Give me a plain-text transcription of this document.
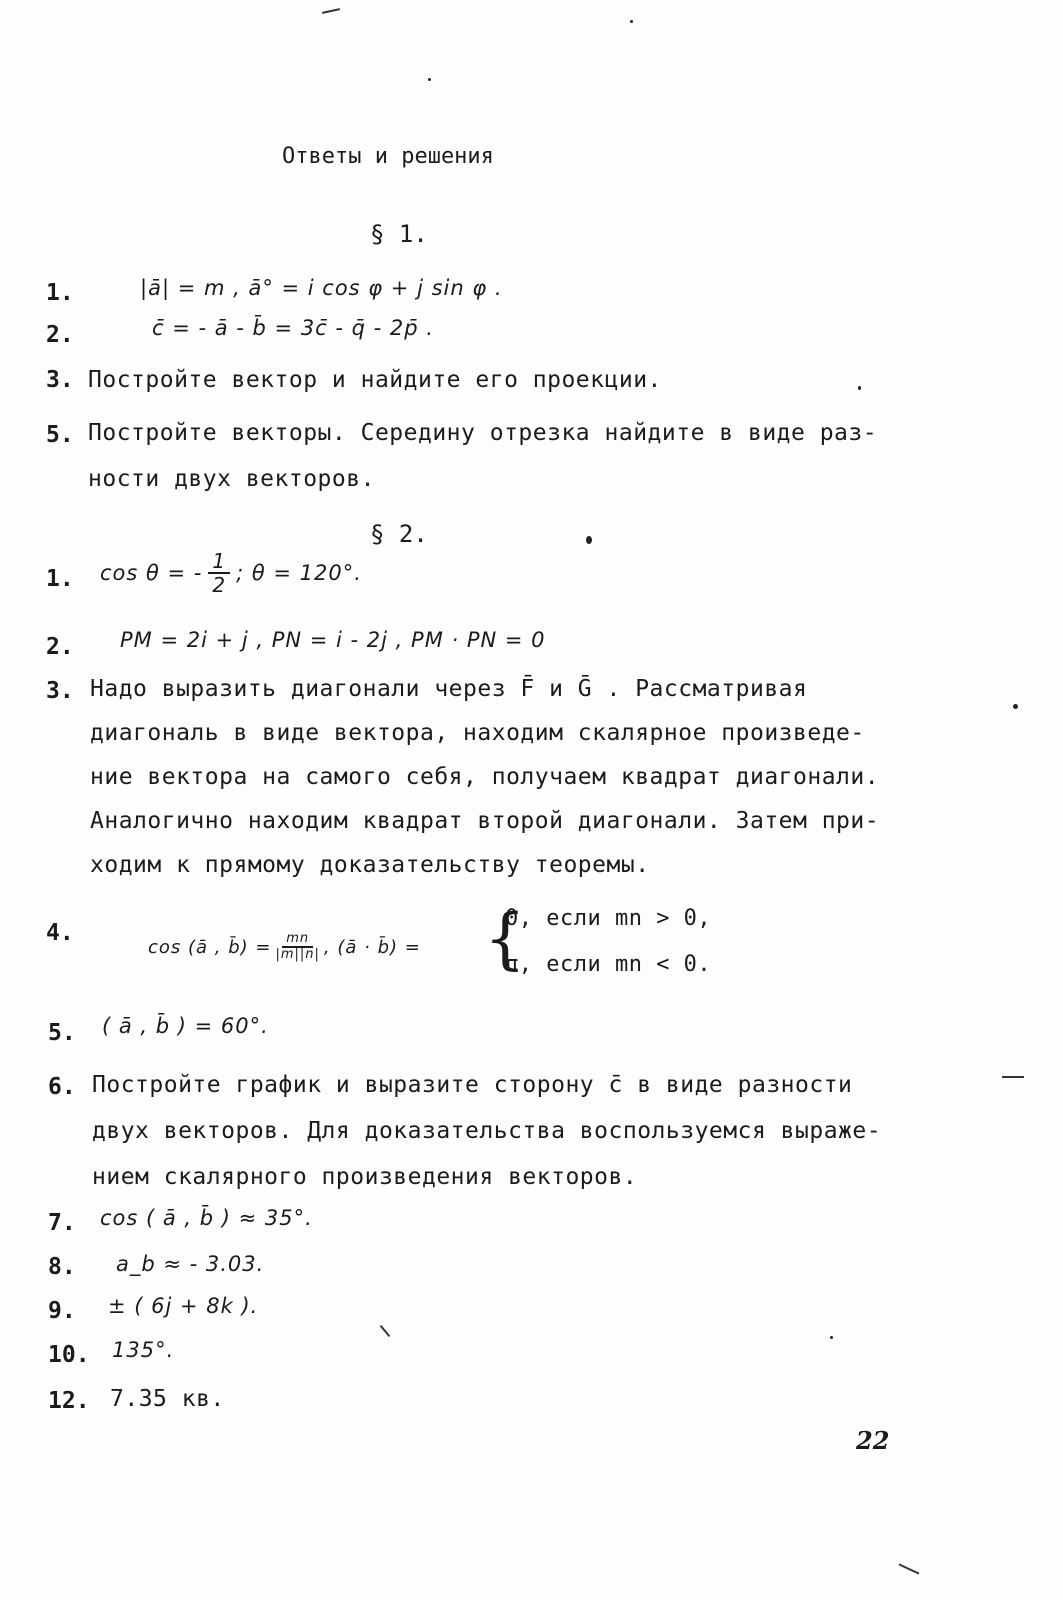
Ответы и решения
§ 1.
1.	|ā| = m , ā° = i cos φ + j sin φ .
2.	c̄ = - ā - b̄ = 3c̄ - q̄ - 2p̄ .
3. Постройте вектор и найдите его проекции.
5. Постройте векторы. Середину отрезка найдите в виде раз-
ности двух векторов.
§ 2.
1. cos θ = - $\frac{1}{2}$ ; θ = 120°.
2. PM = 2i + j , PN = i - 2j , PM · PN = 0
3. Надо выразить диагонали через F̄ и Ḡ . Рассматривая
диагональ в виде вектора, находим скалярное произведе-
ние вектора на самого себя, получаем квадрат диагонали.
Аналогично находим квадрат второй диагонали. Затем при-
ходим к прямому доказательству теоремы.
4.
cos (ā , b̄) = $\frac{mn}{|m||n|}$ , (ā · b̄) = {
0, если mn > 0,
π, если mn < 0.
5. ( ā , b̄ ) = 60°.
6. Постройте график и выразите сторону c̄ в виде разности
двух векторов. Для доказательства воспользуемся выраже-
нием скалярного произведения векторов.
7. cos ( ā , b̄ ) ≈ 35°.
8. a_b ≈ - 3.03.
9. ± ( 6j + 8k ).
10. 135°.
12. 7.35 кв.
22
